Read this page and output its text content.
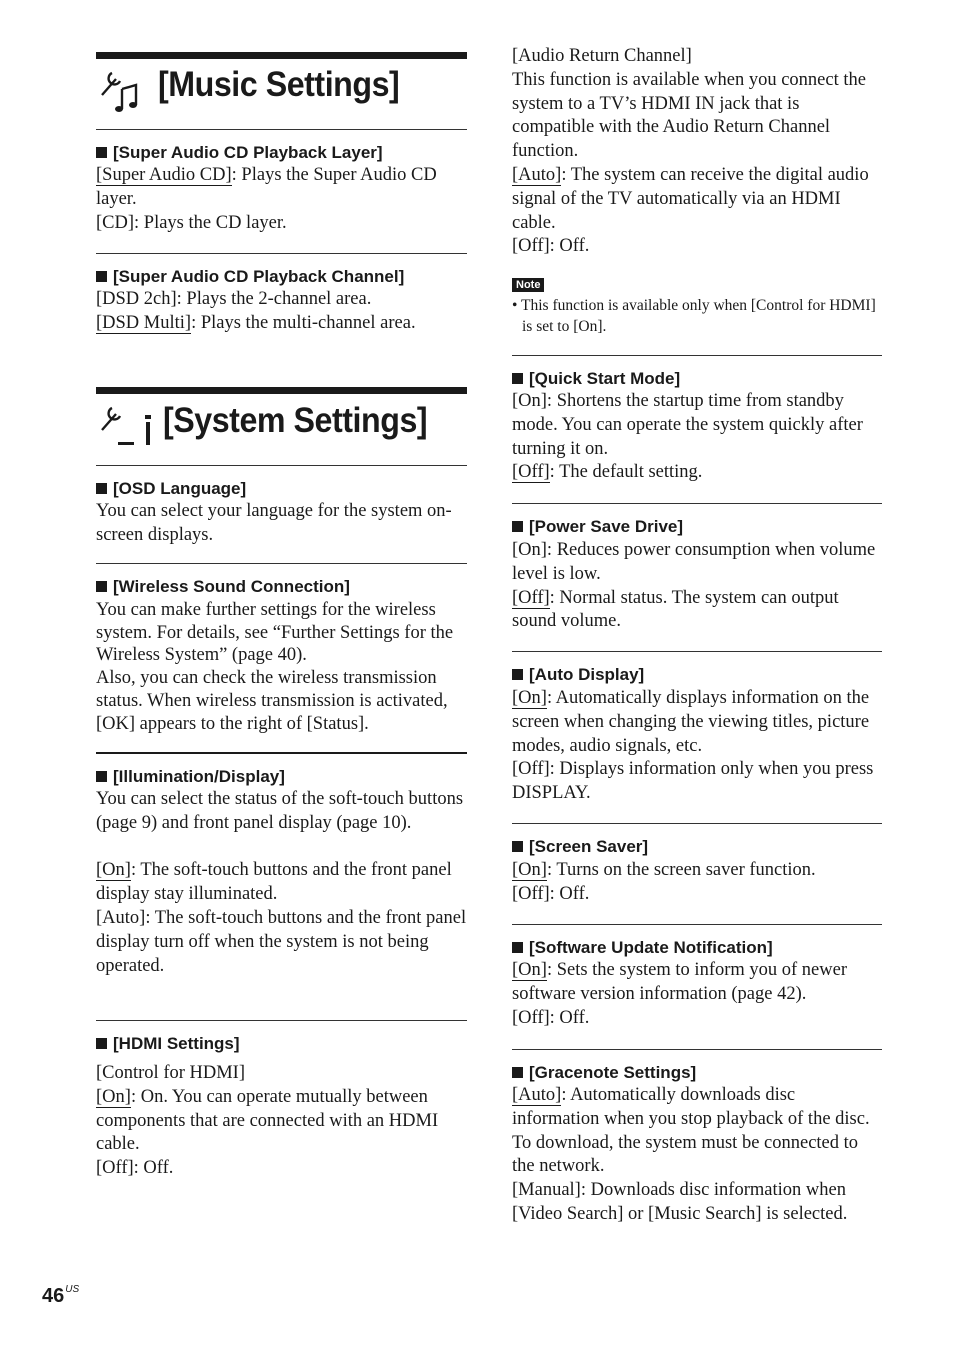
[Music Settings]
[Super Audio CD Playback Layer]

[Super Audio CD]: Plays the Super Audio CD layer.

[CD]: Plays the CD layer.

[Super Audio CD Playback Channel]

[DSD 2ch]: Plays the 2-channel area.

[DSD Multi]: Plays the multi-channel area.

[System Settings]
[OSD Language]

You can select your language for the system on-screen displays.

[Wireless Sound Connection]

You can make further settings for the wireless system. For details, see “Further Settings for the Wireless System” (page 40).

Also, you can check the wireless transmission status. When wireless transmission is activated, [OK] appears to the right of [Status].

[Illumination/Display]

You can select the status of the soft-touch buttons (page 9) and front panel display (page 10).

[On]: The soft-touch buttons and the front panel display stay illuminated.

[Auto]: The soft-touch buttons and the front panel display turn off when the system is not being operated.

[HDMI Settings]

[Control for HDMI]

[On]: On. You can operate mutually between components that are connected with an HDMI cable.

[Off]: Off.

[Audio Return Channel]

This function is available when you connect the system to a TV’s HDMI IN jack that is compatible with the Audio Return Channel function.

[Auto]: The system can receive the digital audio signal of the TV automatically via an HDMI cable.

[Off]: Off.

Note
• This function is available only when [Control for HDMI] is set to [On].
[Quick Start Mode]

[On]: Shortens the startup time from standby mode. You can operate the system quickly after turning it on.

[Off]: The default setting.

[Power Save Drive]

[On]: Reduces power consumption when volume level is low.

[Off]: Normal status. The system can output sound volume.

[Auto Display]

[On]: Automatically displays information on the screen when changing the viewing titles, picture modes, audio signals, etc.

[Off]: Displays information only when you press DISPLAY.

[Screen Saver]

[On]: Turns on the screen saver function.

[Off]: Off.

[Software Update Notification]

[On]: Sets the system to inform you of newer software version information (page 42).

[Off]: Off.

[Gracenote Settings]

[Auto]: Automatically downloads disc information when you stop playback of the disc. To download, the system must be connected to the network.

[Manual]: Downloads disc information when [Video Search] or [Music Search] is selected.

$46^{US}$
